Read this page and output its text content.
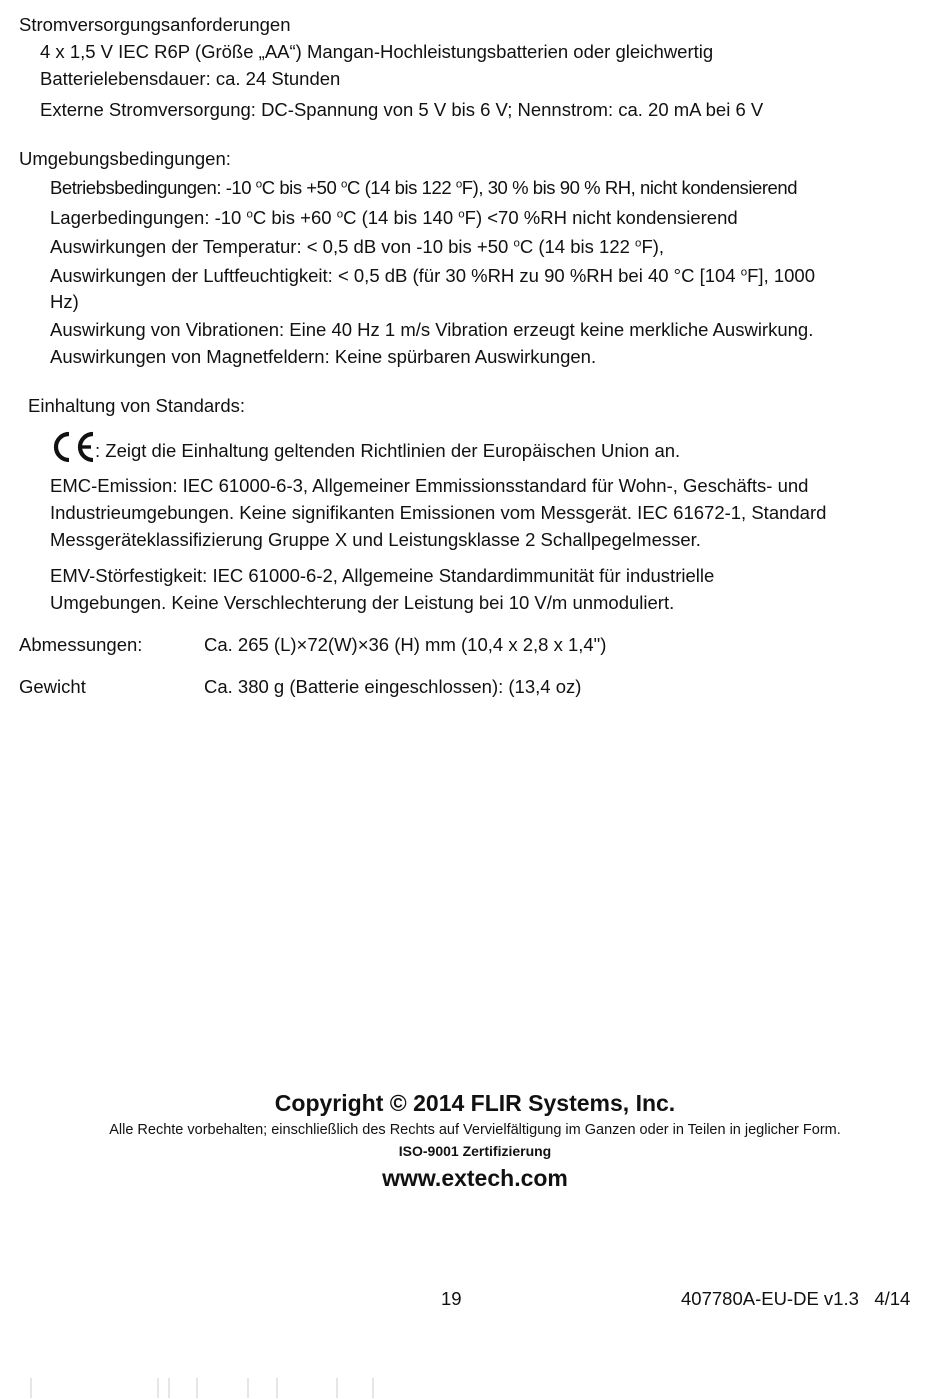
Stromversorgungsanforderungen
4 x 1,5 V IEC R6P (Größe „AA“) Mangan-Hochleistungsbatterien oder gleichwertig
Batterielebensdauer: ca. 24 Stunden
Externe Stromversorgung: DC-Spannung von 5 V bis 6 V; Nennstrom: ca. 20 mA bei 6 V
Umgebungsbedingungen:
Betriebsbedingungen: -10 $^o$C bis +50 $^o$C (14 bis 122 $^o$F), 30 % bis 90 % RH, nicht kondensierend
Lagerbedingungen: -10 $^o$C bis +60 $^o$C (14 bis 140 $^o$F) <70 %RH nicht kondensierend
Auswirkungen der Temperatur: < 0,5 dB von -10 bis +50 $^o$C (14 bis 122 $^o$F),
Auswirkungen der Luftfeuchtigkeit: < 0,5 dB (für 30 %RH zu 90 %RH bei 40 °C [104 $^o$F], 1000
Hz)
Auswirkung von Vibrationen: Eine 40 Hz 1 m/s Vibration erzeugt keine merkliche Auswirkung.
Auswirkungen von Magnetfeldern: Keine spürbaren Auswirkungen.
Einhaltung von Standards:
: Zeigt die Einhaltung geltenden Richtlinien der Europäischen Union an.
EMC-Emission: IEC 61000-6-3, Allgemeiner Emmissionsstandard für Wohn-, Geschäfts- und
Industrieumgebungen. Keine signifikanten Emissionen vom Messgerät. IEC 61672-1, Standard
Messgeräteklassifizierung Gruppe X und Leistungsklasse 2 Schallpegelmesser.
EMV-Störfestigkeit: IEC 61000-6-2, Allgemeine Standardimmunität für industrielle
Umgebungen. Keine Verschlechterung der Leistung bei 10 V/m unmoduliert.
Abmessungen:	Ca. 265 (L)×72(W)×36 (H) mm (10,4 x 2,8 x 1,4")
Gewicht	Ca. 380 g (Batterie eingeschlossen): (13,4 oz)
Copyright © 2014 FLIR Systems, Inc.
Alle Rechte vorbehalten; einschließlich des Rechts auf Vervielfältigung im Ganzen oder in Teilen in jeglicher Form.
ISO-9001 Zertifizierung
www.extech.com
19	407780A-EU-DE v1.3   4/14
